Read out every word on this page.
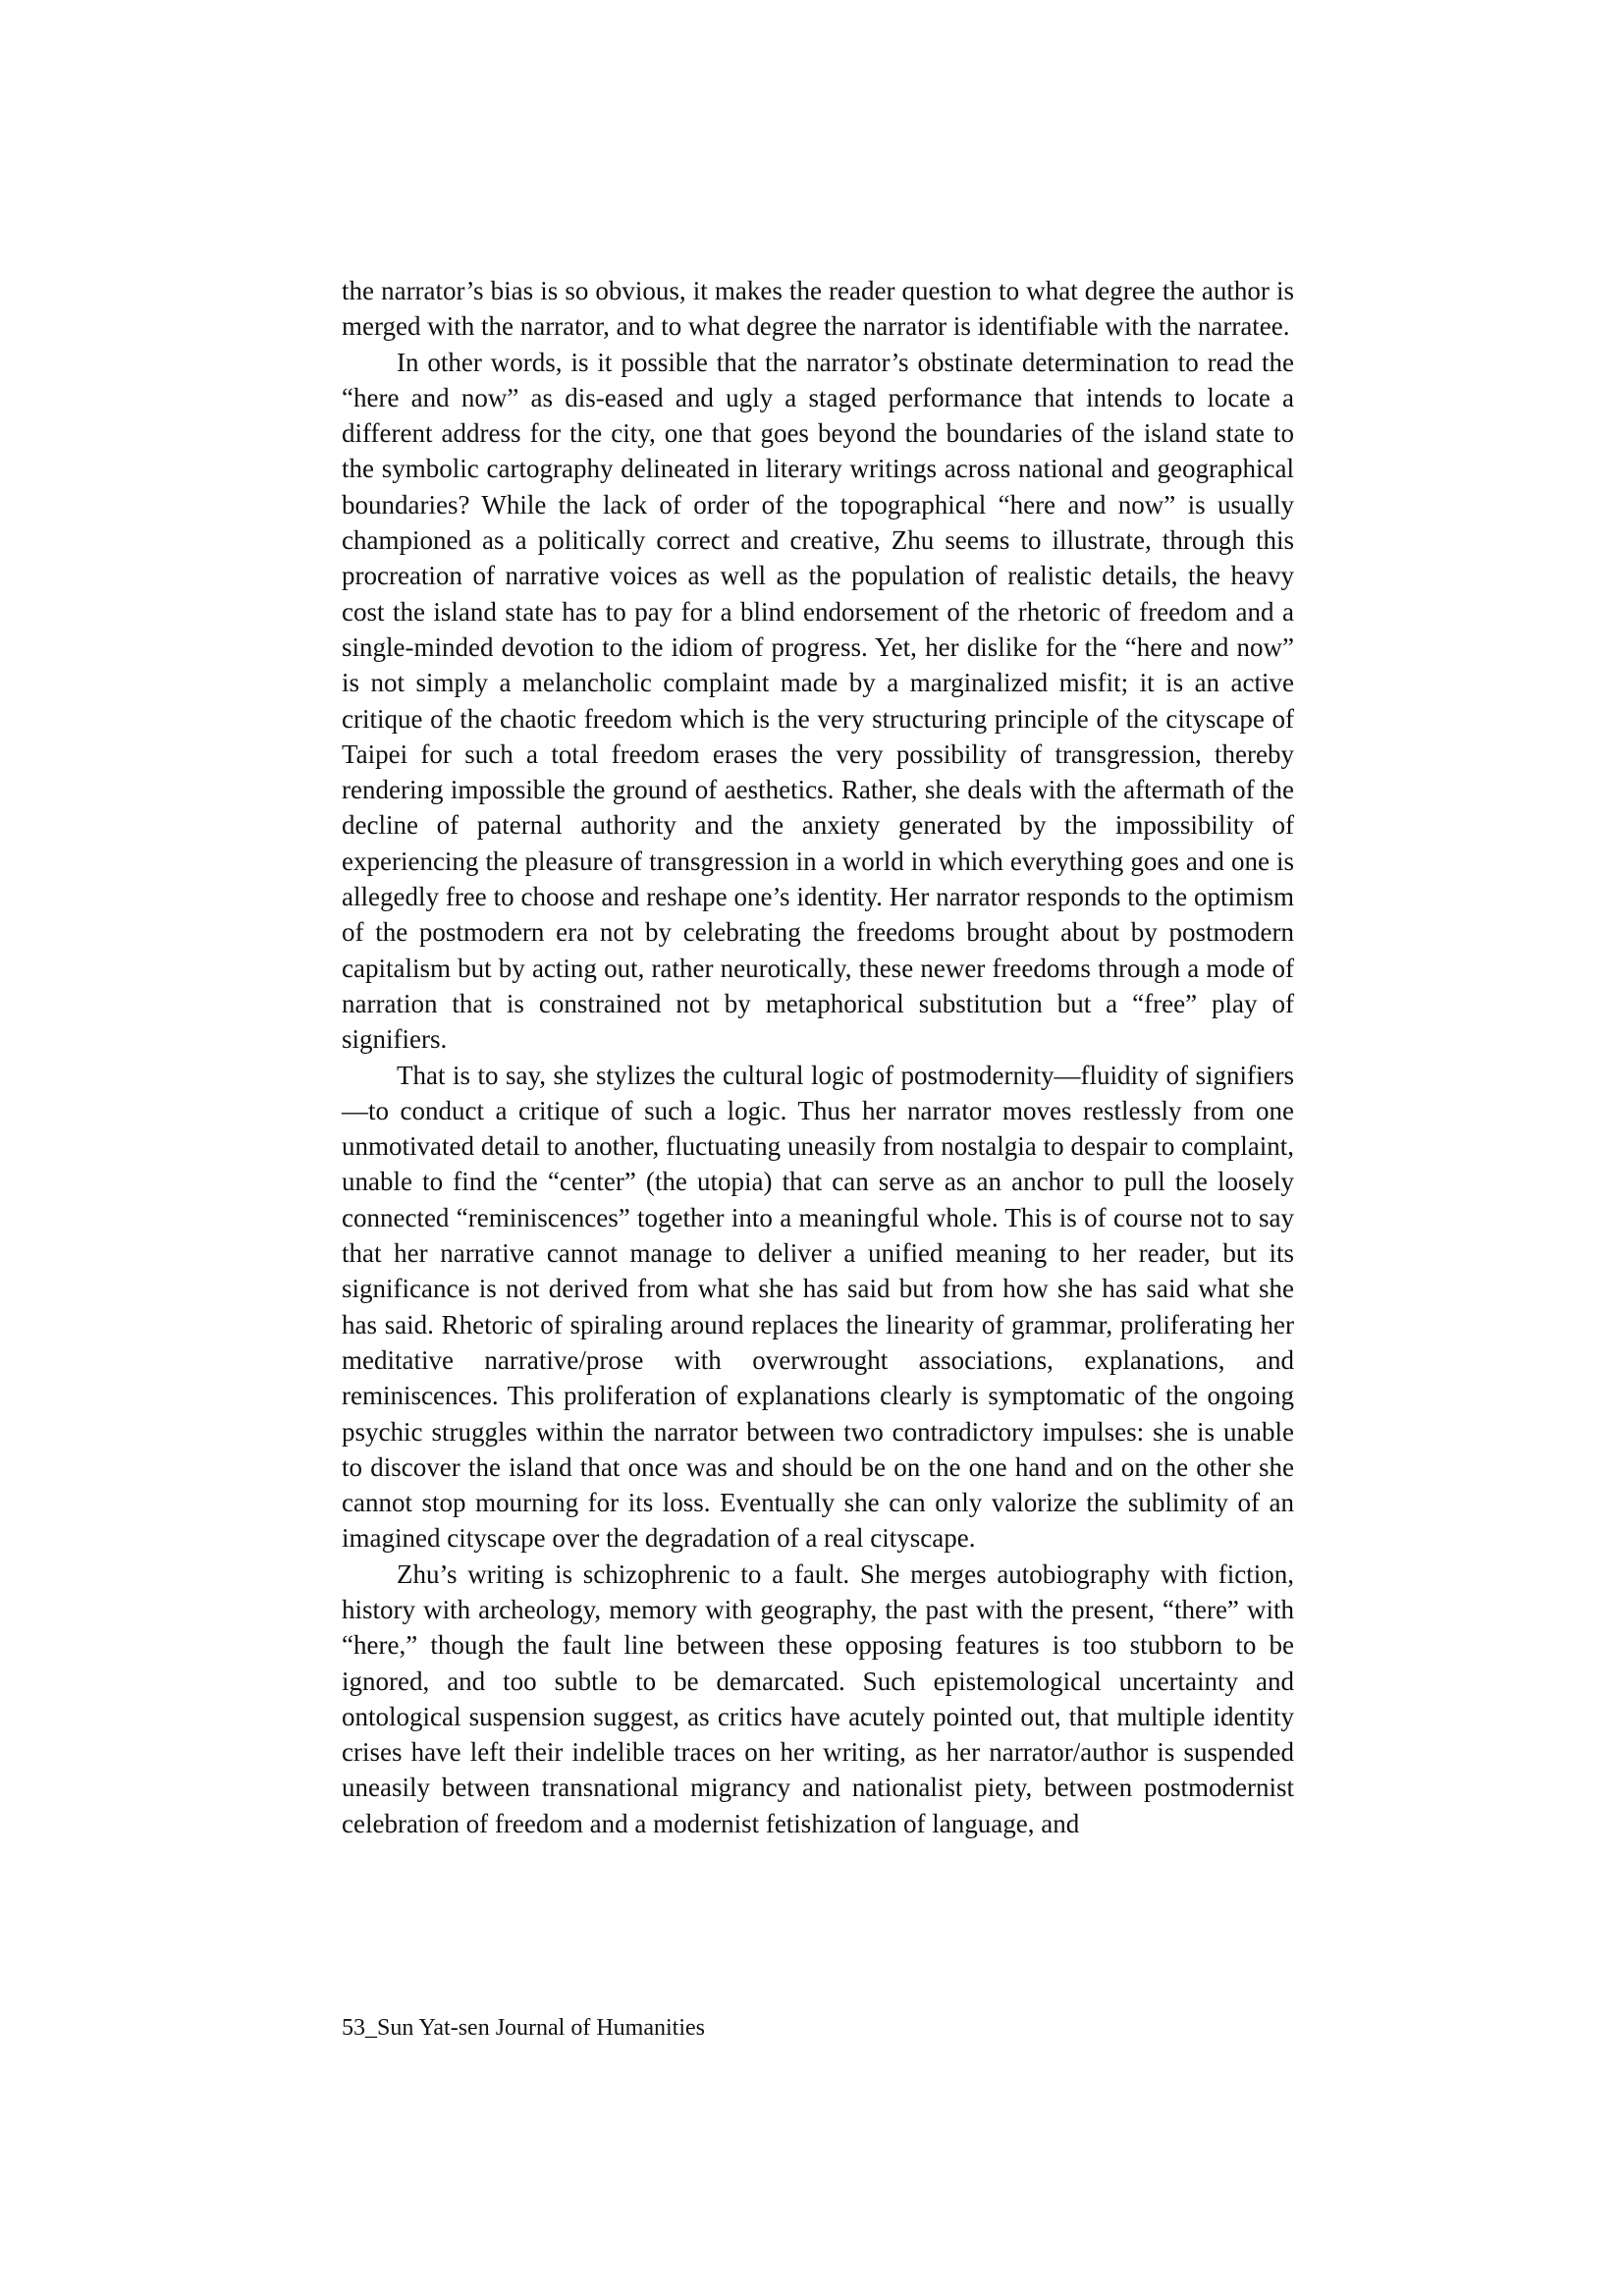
the narrator’s bias is so obvious, it makes the reader question to what degree the author is merged with the narrator, and to what degree the narrator is identifiable with the narratee.

In other words, is it possible that the narrator’s obstinate determination to read the “here and now” as dis-eased and ugly a staged performance that intends to locate a different address for the city, one that goes beyond the boundaries of the island state to the symbolic cartography delineated in literary writings across national and geographical boundaries? While the lack of order of the topographical “here and now” is usually championed as a politically correct and creative, Zhu seems to illustrate, through this procreation of narrative voices as well as the population of realistic details, the heavy cost the island state has to pay for a blind endorsement of the rhetoric of freedom and a single-minded devotion to the idiom of progress. Yet, her dislike for the “here and now” is not simply a melancholic complaint made by a marginalized misfit; it is an active critique of the chaotic freedom which is the very structuring principle of the cityscape of Taipei for such a total freedom erases the very possibility of transgression, thereby rendering impossible the ground of aesthetics. Rather, she deals with the aftermath of the decline of paternal authority and the anxiety generated by the impossibility of experiencing the pleasure of transgression in a world in which everything goes and one is allegedly free to choose and reshape one’s identity. Her narrator responds to the optimism of the postmodern era not by celebrating the freedoms brought about by postmodern capitalism but by acting out, rather neurotically, these newer freedoms through a mode of narration that is constrained not by metaphorical substitution but a “free” play of signifiers.

That is to say, she stylizes the cultural logic of postmodernity—fluidity of signifiers—to conduct a critique of such a logic. Thus her narrator moves restlessly from one unmotivated detail to another, fluctuating uneasily from nostalgia to despair to complaint, unable to find the “center” (the utopia) that can serve as an anchor to pull the loosely connected “reminiscences” together into a meaningful whole. This is of course not to say that her narrative cannot manage to deliver a unified meaning to her reader, but its significance is not derived from what she has said but from how she has said what she has said. Rhetoric of spiraling around replaces the linearity of grammar, proliferating her meditative narrative/prose with overwrought associations, explanations, and reminiscences. This proliferation of explanations clearly is symptomatic of the ongoing psychic struggles within the narrator between two contradictory impulses: she is unable to discover the island that once was and should be on the one hand and on the other she cannot stop mourning for its loss. Eventually she can only valorize the sublimity of an imagined cityscape over the degradation of a real cityscape.

Zhu’s writing is schizophrenic to a fault. She merges autobiography with fiction, history with archeology, memory with geography, the past with the present, “there” with “here,” though the fault line between these opposing features is too stubborn to be ignored, and too subtle to be demarcated. Such epistemological uncertainty and ontological suspension suggest, as critics have acutely pointed out, that multiple identity crises have left their indelible traces on her writing, as her narrator/author is suspended uneasily between transnational migrancy and nationalist piety, between postmodernist celebration of freedom and a modernist fetishization of language, and

53_Sun Yat-sen Journal of Humanities
